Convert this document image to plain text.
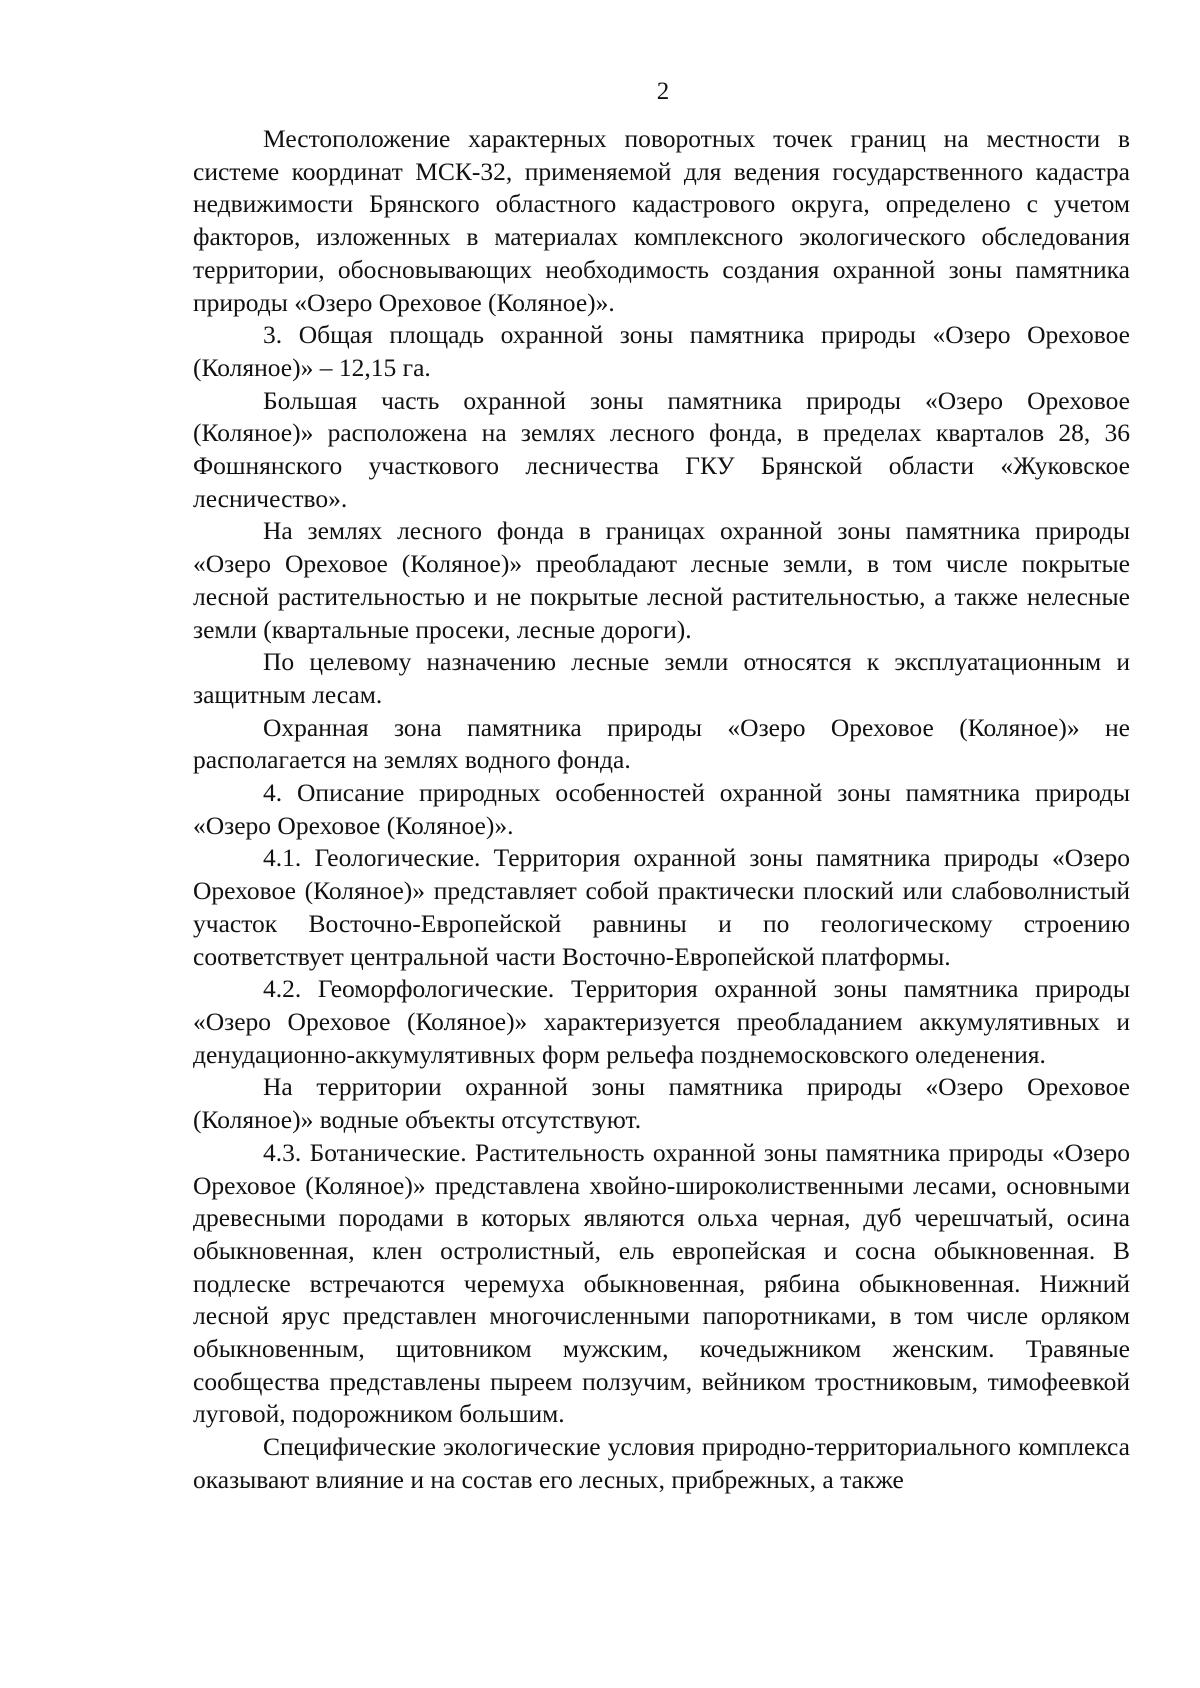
2

Местоположение характерных поворотных точек границ на местности в системе координат МСК-32, применяемой для ведения государственного кадастра недвижимости Брянского областного кадастрового округа, определено с учетом факторов, изложенных в материалах комплексного экологического обследования территории, обосновывающих необходимость создания охранной зоны памятника природы «Озеро Ореховое (Коляное)».

3. Общая площадь охранной зоны памятника природы «Озеро Ореховое (Коляное)» – 12,15 га.

Большая часть охранной зоны памятника природы «Озеро Ореховое (Коляное)» расположена на землях лесного фонда, в пределах кварталов 28, 36 Фошнянского участкового лесничества ГКУ Брянской области «Жуковское лесничество».

На землях лесного фонда в границах охранной зоны памятника природы «Озеро Ореховое (Коляное)» преобладают лесные земли, в том числе покрытые лесной растительностью и не покрытые лесной растительностью, а также нелесные земли (квартальные просеки, лесные дороги).

По целевому назначению лесные земли относятся к эксплуатационным и защитным лесам.

Охранная зона памятника природы «Озеро Ореховое (Коляное)» не располагается на землях водного фонда.

4. Описание природных особенностей охранной зоны памятника природы «Озеро Ореховое (Коляное)».

4.1. Геологические. Территория охранной зоны памятника природы «Озеро Ореховое (Коляное)» представляет собой практически плоский или слабоволнистый участок Восточно-Европейской равнины и по геологическому строению соответствует центральной части Восточно-Европейской платформы.

4.2. Геоморфологические. Территория охранной зоны памятника природы «Озеро Ореховое (Коляное)» характеризуется преобладанием аккумулятивных и денудационно-аккумулятивных форм рельефа позднемосковского оледенения.

На территории охранной зоны памятника природы «Озеро Ореховое (Коляное)» водные объекты отсутствуют.

4.3. Ботанические. Растительность охранной зоны памятника природы «Озеро Ореховое (Коляное)» представлена хвойно-широколиственными лесами, основными древесными породами в которых являются ольха черная, дуб черешчатый, осина обыкновенная, клен остролистный, ель европейская и сосна обыкновенная. В подлеске встречаются черемуха обыкновенная, рябина обыкновенная. Нижний лесной ярус представлен многочисленными папоротниками, в том числе орляком обыкновенным, щитовником мужским, кочедыжником женским. Травяные сообщества представлены пыреем ползучим, вейником тростниковым, тимофеевкой луговой, подорожником большим.

Специфические экологические условия природно-территориального комплекса оказывают влияние и на состав его лесных, прибрежных, а также
